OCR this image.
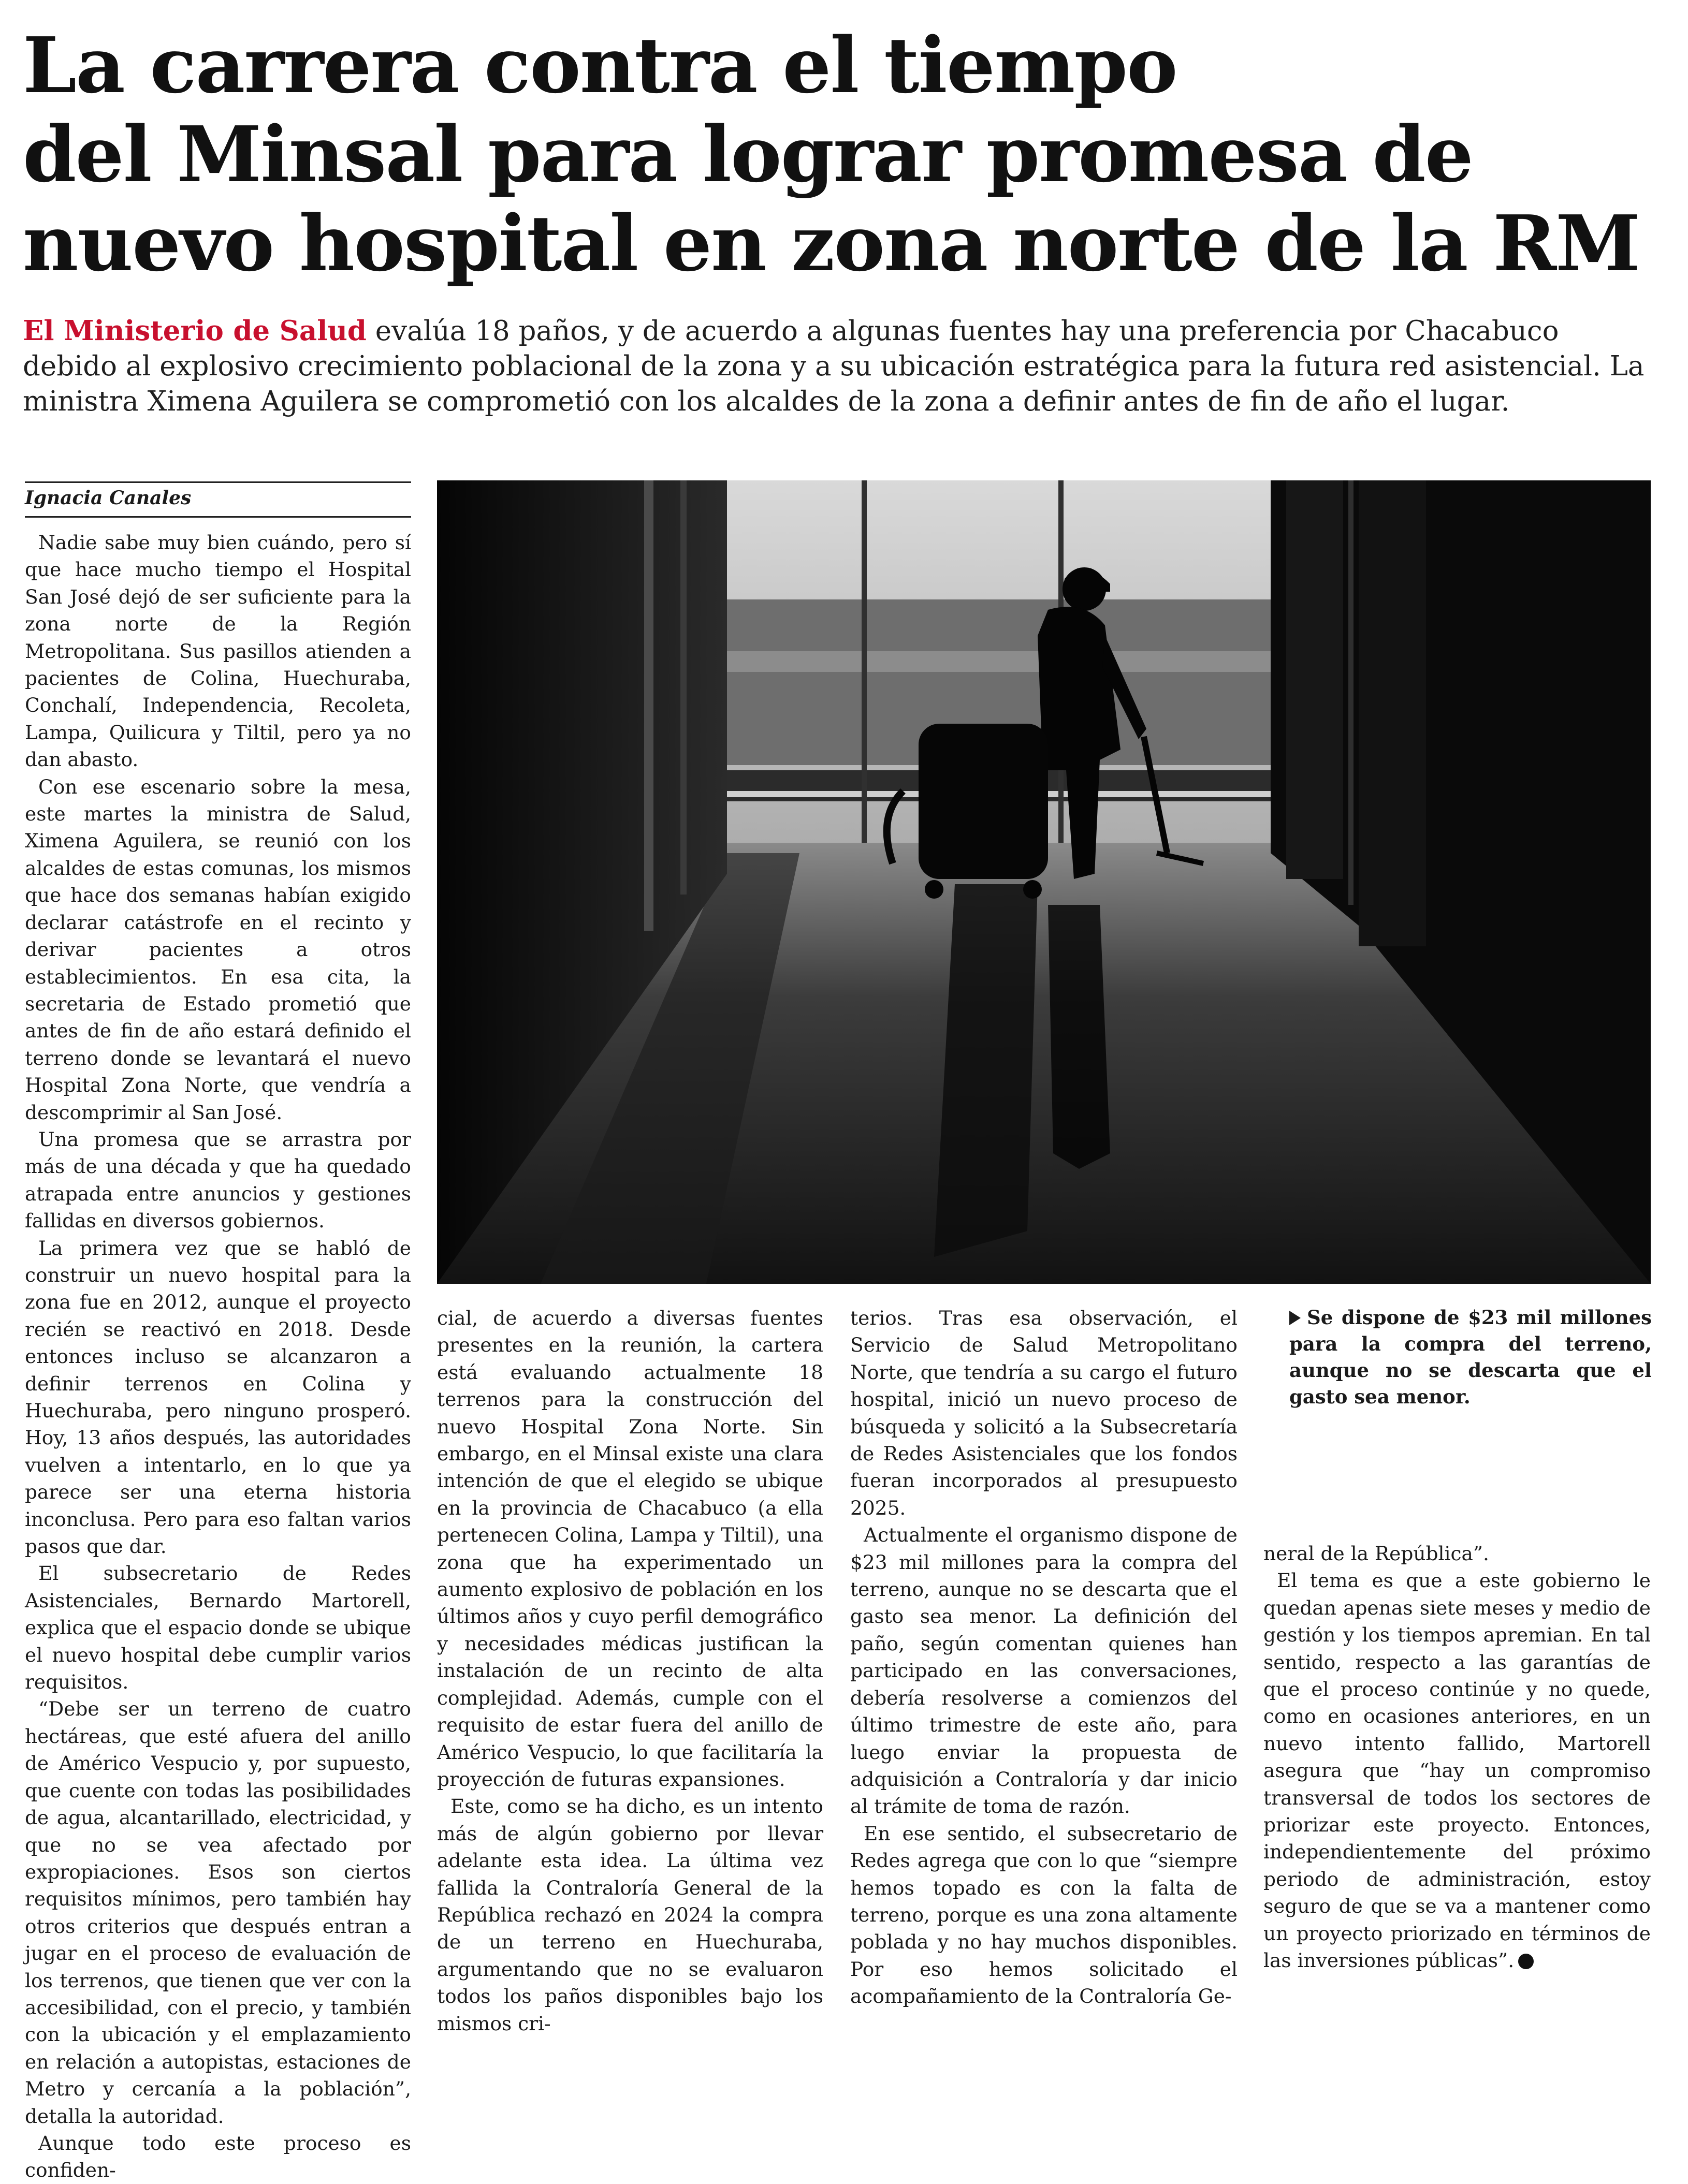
La carrera contra el tiempo
del Minsal para lograr promesa de
nuevo hospital en zona norte de la RM
El Ministerio de Salud evalúa 18 paños, y de acuerdo a algunas fuentes hay una preferencia por Chacabuco debido al explosivo crecimiento poblacional de la zona y a su ubicación estratégica para la futura red asistencial. La ministra Ximena Aguilera se comprometió con los alcaldes de la zona a definir antes de fin de año el lugar.
Ignacia Canales

Nadie sabe muy bien cuándo, pero sí que hace mucho tiempo el Hospital San José dejó de ser suficiente para la zona norte de la Región Metropolitana. Sus pasillos atienden a pacientes de Colina, Huechuraba, Conchalí, Independencia, Recoleta, Lampa, Quilicura y Tiltil, pero ya no dan abasto.

Con ese escenario sobre la mesa, este martes la ministra de Salud, Ximena Aguilera, se reunió con los alcaldes de estas comunas, los mismos que hace dos semanas habían exigido declarar catástrofe en el recinto y derivar pacientes a otros establecimientos. En esa cita, la secretaria de Estado prometió que antes de fin de año estará definido el terreno donde se levantará el nuevo Hospital Zona Norte, que vendría a descomprimir al San José.

Una promesa que se arrastra por más de una década y que ha quedado atrapada entre anuncios y gestiones fallidas en diversos gobiernos.

La primera vez que se habló de construir un nuevo hospital para la zona fue en 2012, aunque el proyecto recién se reactivó en 2018. Desde entonces incluso se alcanzaron a definir terrenos en Colina y Huechuraba, pero ninguno prosperó. Hoy, 13 años después, las autoridades vuelven a intentarlo, en lo que ya parece ser una eterna historia inconclusa. Pero para eso faltan varios pasos que dar.

El subsecretario de Redes Asistenciales, Bernardo Martorell, explica que el espacio donde se ubique el nuevo hospital debe cumplir varios requisitos.

“Debe ser un terreno de cuatro hectáreas, que esté afuera del anillo de Américo Vespucio y, por supuesto, que cuente con todas las posibilidades de agua, alcantarillado, electricidad, y que no se vea afectado por expropiaciones. Esos son ciertos requisitos mínimos, pero también hay otros criterios que después entran a jugar en el proceso de evaluación de los terrenos, que tienen que ver con la accesibilidad, con el precio, y también con la ubicación y el emplazamiento en relación a autopistas, estaciones de Metro y cercanía a la población”, detalla la autoridad.

Aunque todo este proceso es confiden-

cial, de acuerdo a diversas fuentes presentes en la reunión, la cartera está evaluando actualmente 18 terrenos para la construcción del nuevo Hospital Zona Norte. Sin embargo, en el Minsal existe una clara intención de que el elegido se ubique en la provincia de Chacabuco (a ella pertenecen Colina, Lampa y Tiltil), una zona que ha experimentado un aumento explosivo de población en los últimos años y cuyo perfil demográfico y necesidades médicas justifican la instalación de un recinto de alta complejidad. Además, cumple con el requisito de estar fuera del anillo de Américo Vespucio, lo que facilitaría la proyección de futuras expansiones.

Este, como se ha dicho, es un intento más de algún gobierno por llevar adelante esta idea. La última vez fallida la Contraloría General de la República rechazó en 2024 la compra de un terreno en Huechuraba, argumentando que no se evaluaron todos los paños disponibles bajo los mismos cri-

terios. Tras esa observación, el Servicio de Salud Metropolitano Norte, que tendría a su cargo el futuro hospital, inició un nuevo proceso de búsqueda y solicitó a la Subsecretaría de Redes Asistenciales que los fondos fueran incorporados al presupuesto 2025.

Actualmente el organismo dispone de $23 mil millones para la compra del terreno, aunque no se descarta que el gasto sea menor. La definición del paño, según comentan quienes han participado en las conversaciones, debería resolverse a comienzos del último trimestre de este año, para luego enviar la propuesta de adquisición a Contraloría y dar inicio al trámite de toma de razón.

En ese sentido, el subsecretario de Redes agrega que con lo que “siempre hemos topado es con la falta de terreno, porque es una zona altamente poblada y no hay muchos disponibles. Por eso hemos solicitado el acompañamiento de la Contraloría Ge-

Se dispone de $23 mil millones para la compra del terreno, aunque no se descarta que el gasto sea menor.

neral de la República”.

El tema es que a este gobierno le quedan apenas siete meses y medio de gestión y los tiempos apremian. En tal sentido, respecto a las garantías de que el proceso continúe y no quede, como en ocasiones anteriores, en un nuevo intento fallido, Martorell asegura que “hay un compromiso transversal de todos los sectores de priorizar este proyecto. Entonces, independientemente del próximo periodo de administración, estoy seguro de que se va a mantener como un proyecto priorizado en términos de las inversiones públicas”.
